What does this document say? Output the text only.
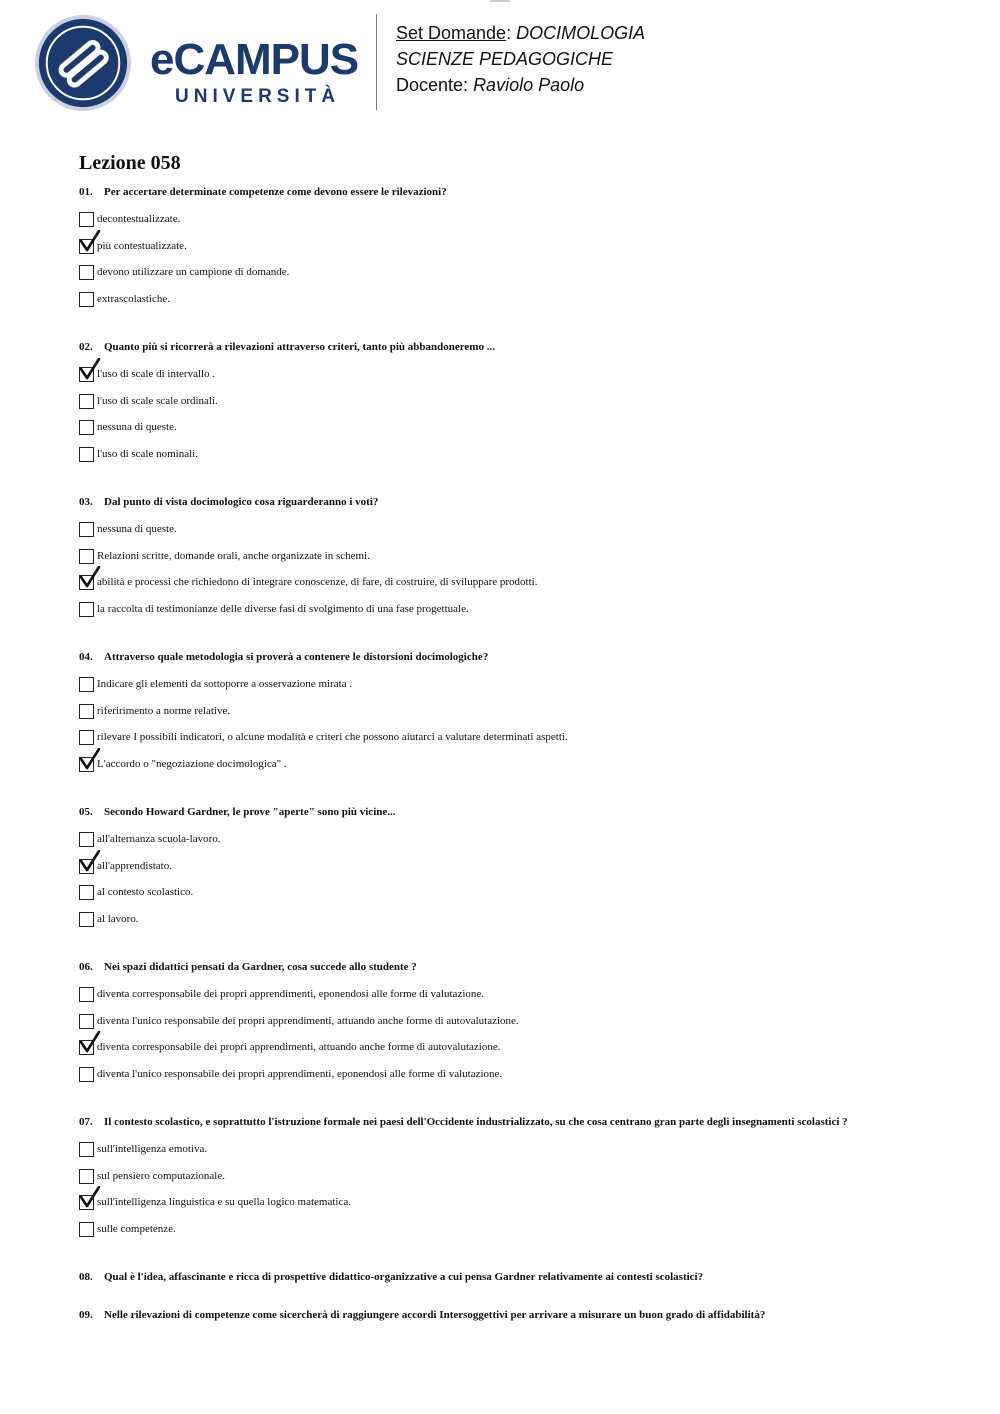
eCAMPUS
UNIVERSITÀ
Set Domande: DOCIMOLOGIA
SCIENZE PEDAGOGICHE
Docente: Raviolo Paolo
Lezione 058
01. Per accertare determinate competenze come devono essere le rilevazioni?
decontestualizzate.
più contestualizzate.
devono utilizzare un campione di domande.
extrascolastiche.
02. Quanto più si ricorrerà a rilevazioni attraverso criteri, tanto più abbandoneremo ...
l'uso di scale di intervallo .
l'uso di scale scale ordinali.
nessuna di queste.
l'uso di scale nominali.
03. Dal punto di vista docimologico cosa riguarderanno i voti?
nessuna di queste.
Relazioni scritte, domande orali, anche organizzate in schemi.
abilità e processi che richiedono di integrare conoscenze, di fare, di costruire, di sviluppare prodotti.
la raccolta di testimonianze delle diverse fasi di svolgimento di una fase progettuale.
04. Attraverso quale metodologia si proverà a contenere le distorsioni docimologiche?
Indicare gli elementi da sottoporre a osservazione mirata .
riferirimento a norme relative.
rilevare I possibili indicatori, o alcune modalità e criteri che possono aiutarci a valutare determinati aspetti.
L'accordo o "negoziazione docimologica" .
05. Secondo Howard Gardner, le prove "aperte" sono più vicine...
all'alternanza scuola-lavoro.
all'apprendistato.
al contesto scolastico.
al lavoro.
06. Nei spazi didattici pensati da Gardner, cosa succede allo studente ?
diventa corresponsabile dei propri apprendimenti, eponendosi alle forme di valutazione.
diventa l'unico responsabile dei propri apprendimenti, attuando anche forme di autovalutazione.
diventa corresponsabile dei propri apprendimenti, attuando anche forme di autovalutazione.
diventa l'unico responsabile dei propri apprendimenti, eponendosi alle forme di valutazione.
07. Il contesto scolastico, e soprattutto l'istruzione formale nei paesi dell'Occidente industrializzato, su che cosa centrano gran parte degli insegnamenti scolastici ?
sull'intelligenza emotiva.
sul pensiero computazionale.
sull'intelligenza linguistica e su quella logico matematica.
sulle competenze.
08. Qual è l'idea, affascinante e ricca di prospettive didattico-organizzative a cui pensa Gardner relativamente ai contesti scolastici?
09. Nelle rilevazioni di competenze come sicercherà di raggiungere accordi Intersoggettivi per arrivare a misurare un buon grado di affidabilità?
